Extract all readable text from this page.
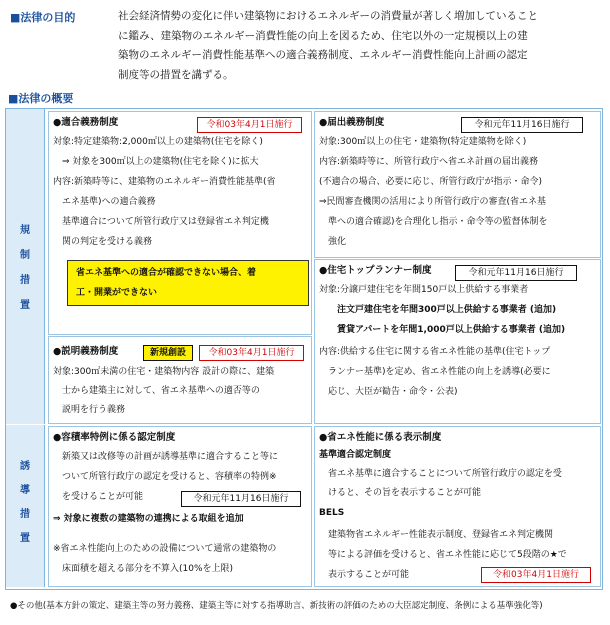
■法律の目的	社会経済情勢の変化に伴い建築物におけるエネルギーの消費量が著しく増加していること
に鑑み、建築物のエネルギー消費性能の向上を図るため、住宅以外の一定規模以上の建
築物のエネルギー消費性能基準への適合義務制度、エネルギー消費性能向上計画の認定
制度等の措置を講ずる。
■法律の概要
規
制
措
置
誘
導
措
置
●適合義務制度	令和03年4月1日施行
対象:特定建築物:2,000㎡以上の建築物(住宅を除く)
　⇒ 対象を300㎡以上の建築物(住宅を除く)に拡大
内容:新築時等に、建築物のエネルギー消費性能基準(省
　エネ基準)への適合義務
　基準適合について所管行政庁又は登録省エネ判定機
　関の判定を受ける義務
省エネ基準への適合が確認できない場合、着
工・開業ができない
●説明義務制度	新規創設	令和03年4月1日施行
対象:300㎡未満の住宅・建築物内容 設計の際に、建築
　士から建築主に対して、省エネ基準への適否等の
　説明を行う義務
●届出義務制度	令和元年11月16日施行
対象:300㎡以上の住宅・建築物(特定建築物を除く)
内容:新築時等に、所管行政庁へ省エネ計画の届出義務
(不適合の場合、必要に応じ、所管行政庁が指示・命令)
⇒民間審査機関の活用により所管行政庁の審査(省エネ基
　準への適合確認)を合理化し指示・命令等の監督体制を
　強化
●住宅トップランナー制度	令和元年11月16日施行
対象:分譲戸建住宅を年間150戸以上供給する事業者
　　注文戸建住宅を年間300戸以上供給する事業者 (追加)
　　賃貸アパートを年間1,000戸以上供給する事業者 (追加)
内容:供給する住宅に関する省エネ性能の基準(住宅トップ
　ランナー基準)を定め、省エネ性能の向上を誘導(必要に
　応じ、大臣が勧告・命令・公表)
●容積率特例に係る認定制度
　新築又は改修等の計画が誘導基準に適合すること等に
　ついて所管行政庁の認定を受けると、容積率の特例※
　を受けることが可能	令和元年11月16日施行
⇒ 対象に複数の建築物の連携による取組を追加
※省エネ性能向上のための設備について通常の建築物の
　床面積を超える部分を不算入(10%を上限)
●省エネ性能に係る表示制度
基準適合認定制度
　省エネ基準に適合することについて所管行政庁の認定を受
　けると、その旨を表示することが可能
BELS
　建築物省エネルギー性能表示制度、登録省エネ判定機関
　等による評価を受けると、省エネ性能に応じて5段階の★で
　表示することが可能	令和03年4月1日施行
●その他(基本方針の策定、建築主等の努力義務、建築主等に対する指導助言、新技術の評価のための大臣認定制度、条例による基準強化等)
